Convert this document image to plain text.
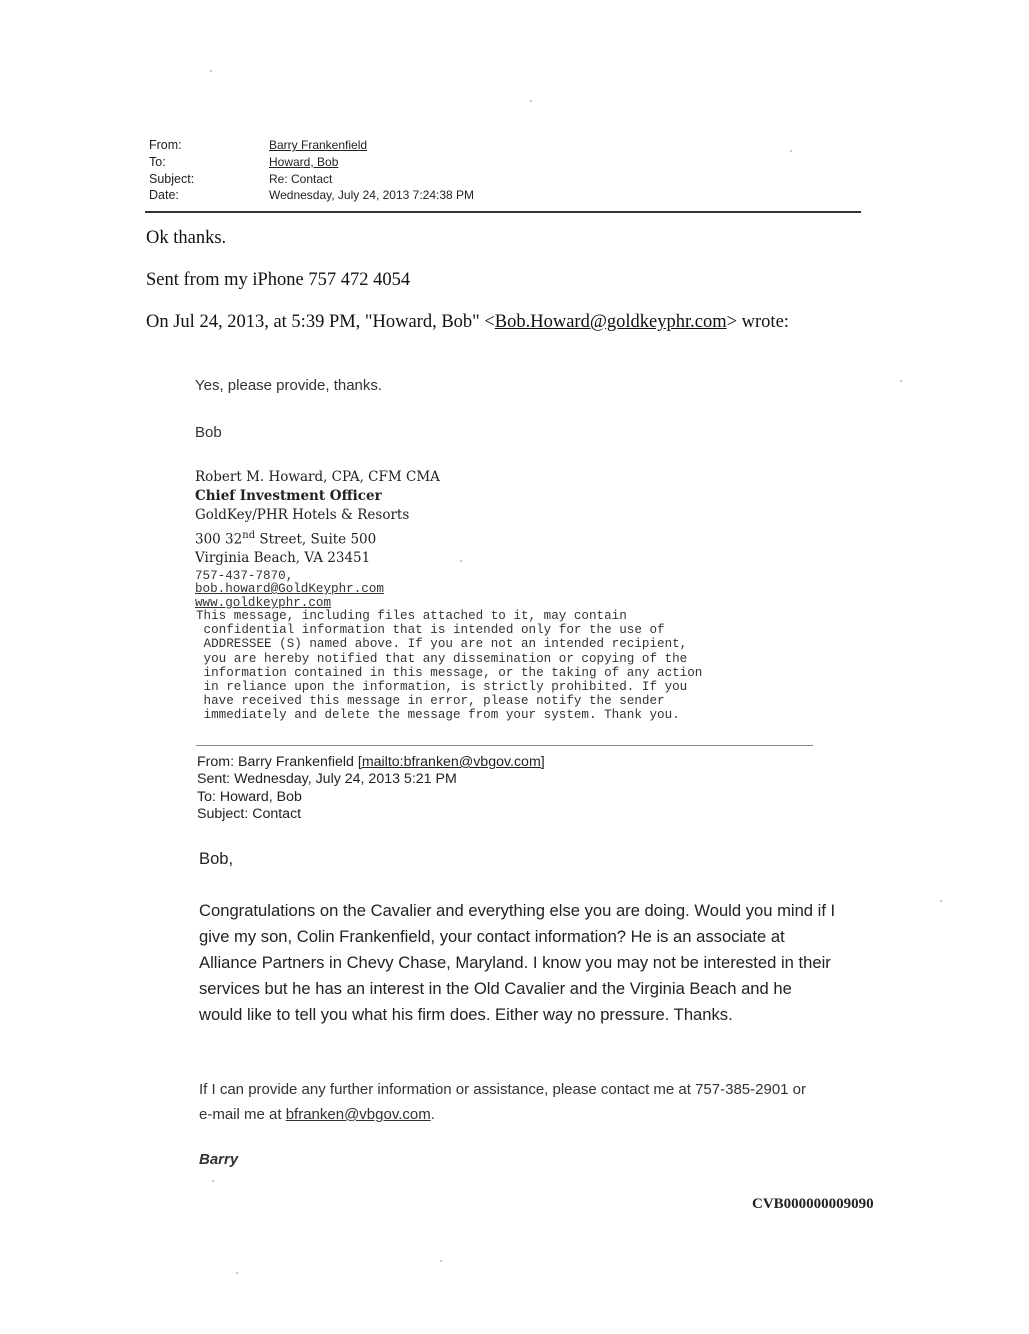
From:	Barry Frankenfield
To:	Howard, Bob
Subject:	Re: Contact
Date:	Wednesday, July 24, 2013 7:24:38 PM
Ok thanks.
Sent from my iPhone 757 472 4054
On Jul 24, 2013, at 5:39 PM, "Howard, Bob" <Bob.Howard@goldkeyphr.com> wrote:
Yes, please provide, thanks.
Bob
Robert M. Howard, CPA, CFM CMA
Chief Investment Officer
GoldKey/PHR Hotels & Resorts
300 32nd Street, Suite 500
Virginia Beach, VA 23451
757-437-7870,
bob.howard@GoldKeyphr.com
www.goldkeyphr.com
This message, including files attached to it, may contain
confidential information that is intended only for the use of
ADDRESSEE (S) named above. If you are not an intended recipient,
you are hereby notified that any dissemination or copying of the
information contained in this message, or the taking of any action
in reliance upon the information, is strictly prohibited. If you
have received this message in error, please notify the sender
immediately and delete the message from your system. Thank you.
From: Barry Frankenfield [mailto:bfranken@vbgov.com]
Sent: Wednesday, July 24, 2013 5:21 PM
To: Howard, Bob
Subject: Contact
Bob,
Congratulations on the Cavalier and everything else you are doing. Would you mind if I give my son, Colin Frankenfield, your contact information? He is an associate at Alliance Partners in Chevy Chase, Maryland. I know you may not be interested in their services but he has an interest in the Old Cavalier and the Virginia Beach and he would like to tell you what his firm does. Either way no pressure. Thanks.
If I can provide any further information or assistance, please contact me at 757-385-2901 or e-mail me at bfranken@vbgov.com.
Barry
CVB000000009090
